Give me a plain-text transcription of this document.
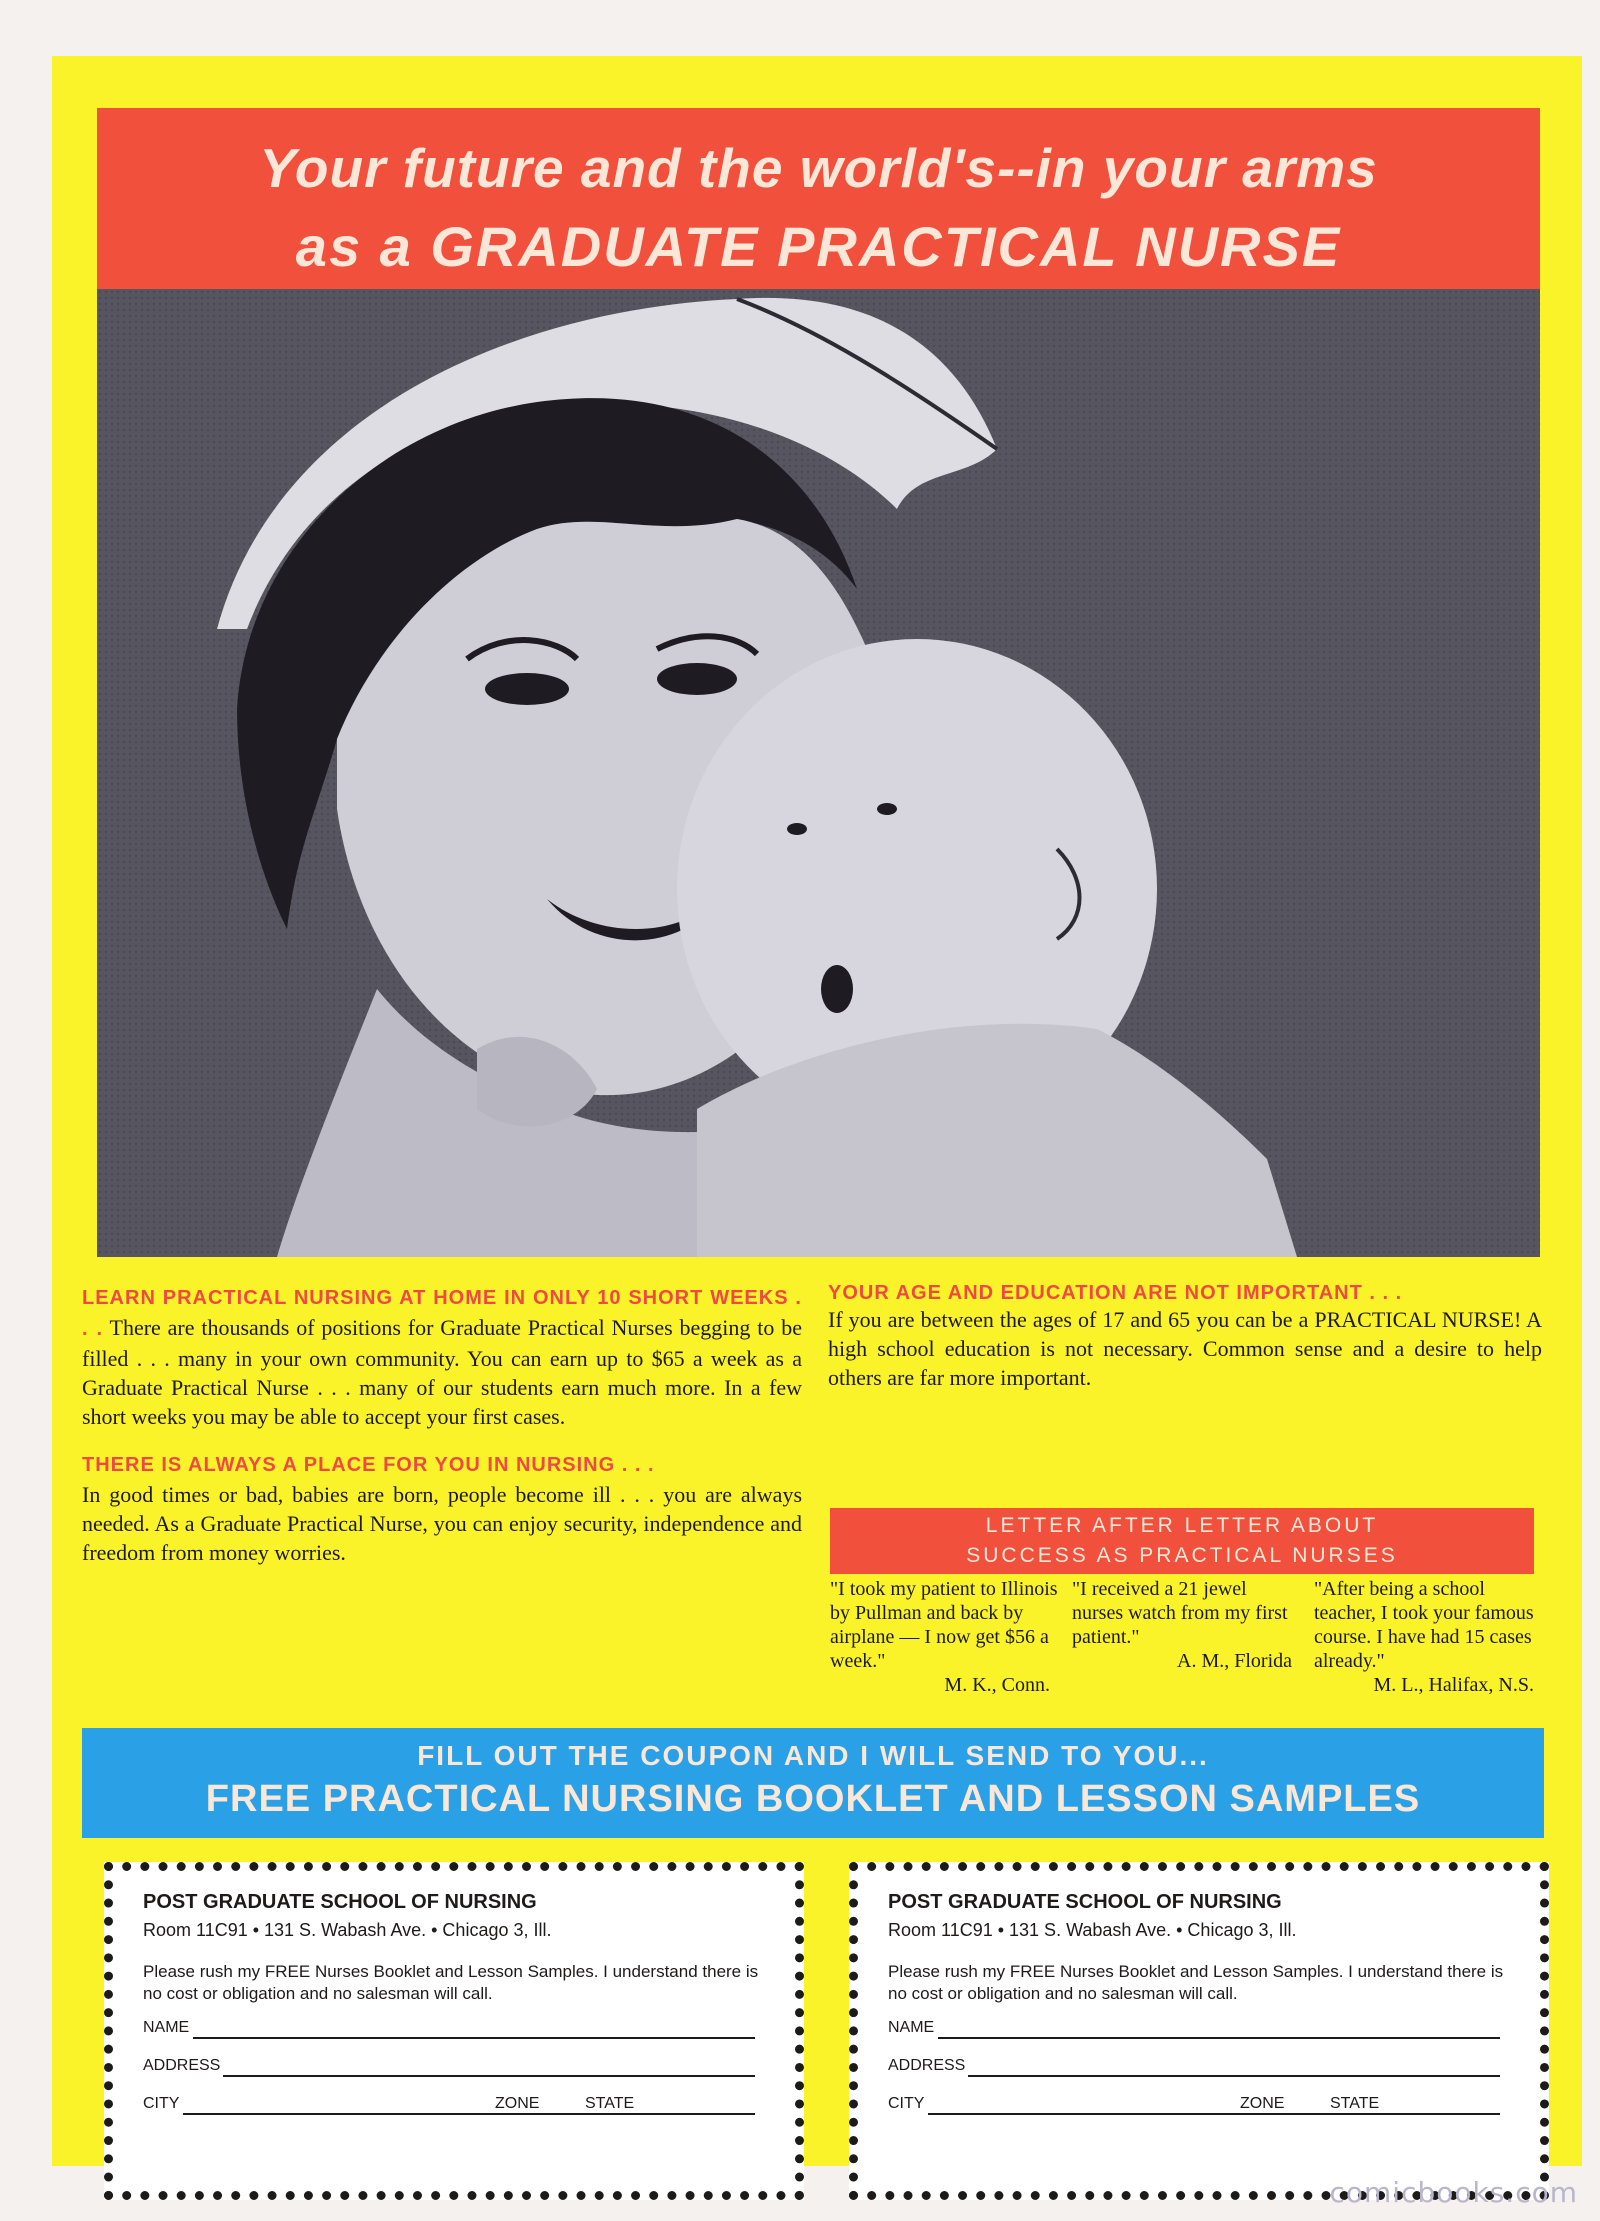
Your future and the world's--in your arms
as a GRADUATE PRACTICAL NURSE
LEARN PRACTICAL NURSING AT HOME IN ONLY 10 SHORT WEEKS . . . There are thousands of positions for Graduate Practical Nurses begging to be filled . . . many in your own community. You can earn up to $65 a week as a Graduate Practical Nurse . . . many of our students earn much more. In a few short weeks you may be able to accept your first cases.
THERE IS ALWAYS A PLACE FOR YOU IN NURSING . . .
In good times or bad, babies are born, people become ill . . . you are always needed. As a Graduate Practical Nurse, you can enjoy security, independence and freedom from money worries.
YOUR AGE AND EDUCATION ARE NOT IMPORTANT . . .
If you are between the ages of 17 and 65 you can be a PRACTICAL NURSE! A high school education is not necessary. Common sense and a desire to help others are far more important.
LETTER AFTER LETTER ABOUT
SUCCESS AS PRACTICAL NURSES
"I took my patient to Illinois by Pullman and back by airplane — I now get $56 a week."
M. K., Conn.
"I received a 21 jewel nurses watch from my first patient."
A. M., Florida
"After being a school teacher, I took your famous course. I have had 15 cases already."
M. L., Halifax, N.S.
FILL OUT THE COUPON AND I WILL SEND TO YOU...
FREE PRACTICAL NURSING BOOKLET AND LESSON SAMPLES
POST GRADUATE SCHOOL OF NURSING
Room 11C91 • 131 S. Wabash Ave. • Chicago 3, Ill.
Please rush my FREE Nurses Booklet and Lesson Samples. I understand there is no cost or obligation and no salesman will call.
NAME
ADDRESS
CITY	ZONE	STATE
POST GRADUATE SCHOOL OF NURSING
Room 11C91 • 131 S. Wabash Ave. • Chicago 3, Ill.
Please rush my FREE Nurses Booklet and Lesson Samples. I understand there is no cost or obligation and no salesman will call.
NAME
ADDRESS
CITY	ZONE	STATE
comicbooks.com
